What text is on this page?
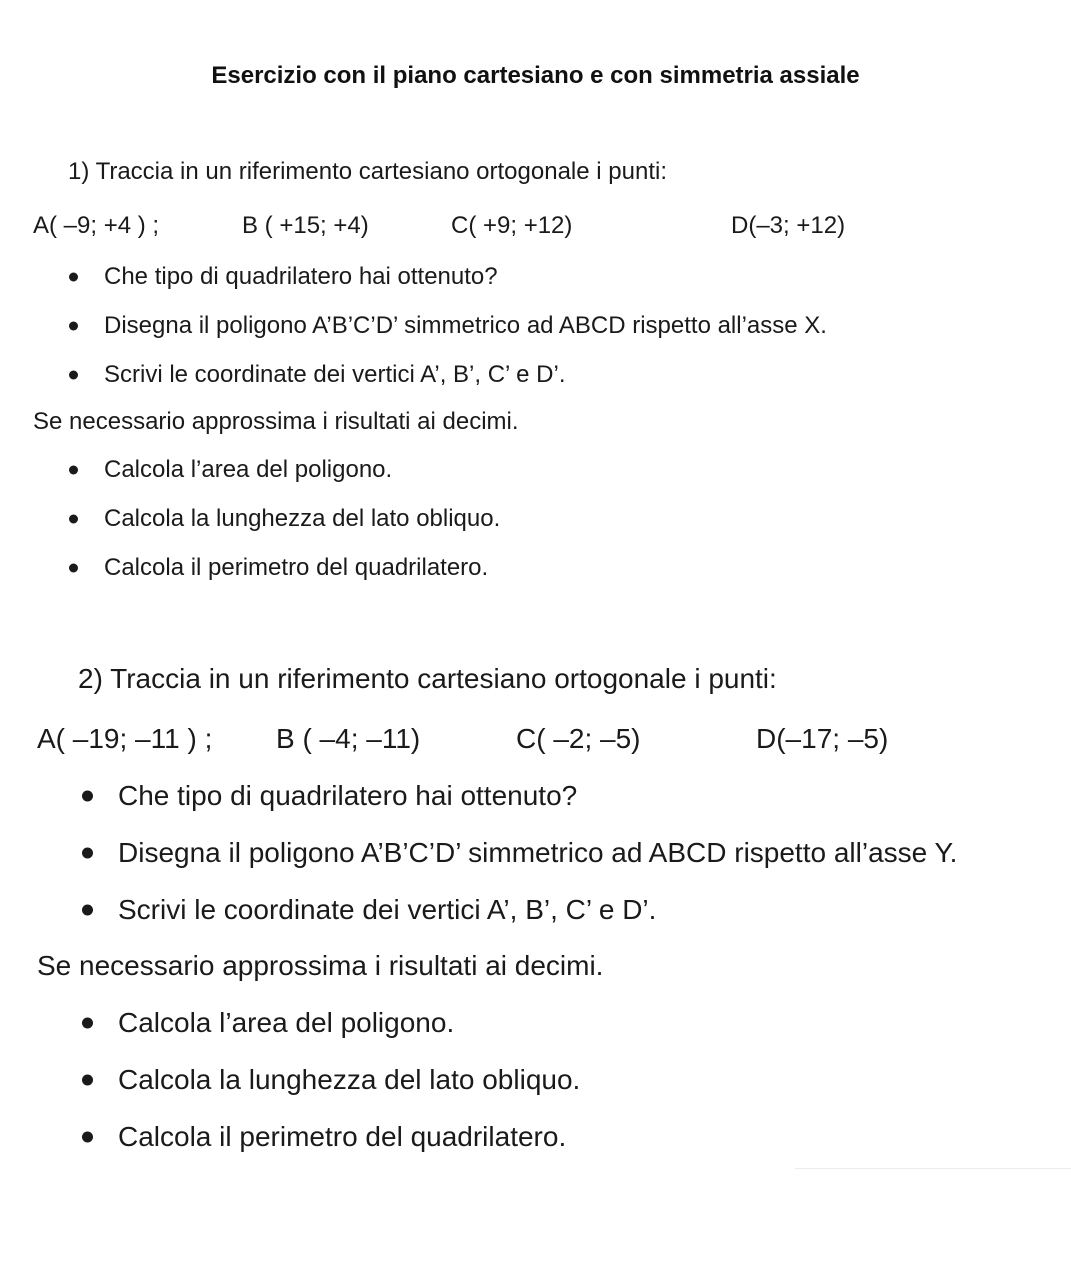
Esercizio con il piano cartesiano e con simmetria assiale
1) Traccia in un riferimento cartesiano ortogonale i punti:
A( –9; +4 ) ;	B ( +15; +4)	C( +9; +12)	D(–3; +12)
Che tipo di quadrilatero hai ottenuto?
Disegna il poligono A’B’C’D’ simmetrico ad ABCD rispetto all’asse X.
Scrivi le coordinate dei vertici A’, B’, C’ e D’.
Se necessario approssima i risultati ai decimi.
Calcola l’area del poligono.
Calcola la lunghezza del lato obliquo.
Calcola il perimetro del quadrilatero.
2) Traccia in un riferimento cartesiano ortogonale i punti:
A( –19; –11 ) ; B ( –4; –11)	C( –2; –5)	D(–17; –5)
Che tipo di quadrilatero hai ottenuto?
Disegna il poligono A’B’C’D’ simmetrico ad ABCD rispetto all’asse Y.
Scrivi le coordinate dei vertici A’, B’, C’ e D’.
Se necessario approssima i risultati ai decimi.
Calcola l’area del poligono.
Calcola la lunghezza del lato obliquo.
Calcola il perimetro del quadrilatero.
